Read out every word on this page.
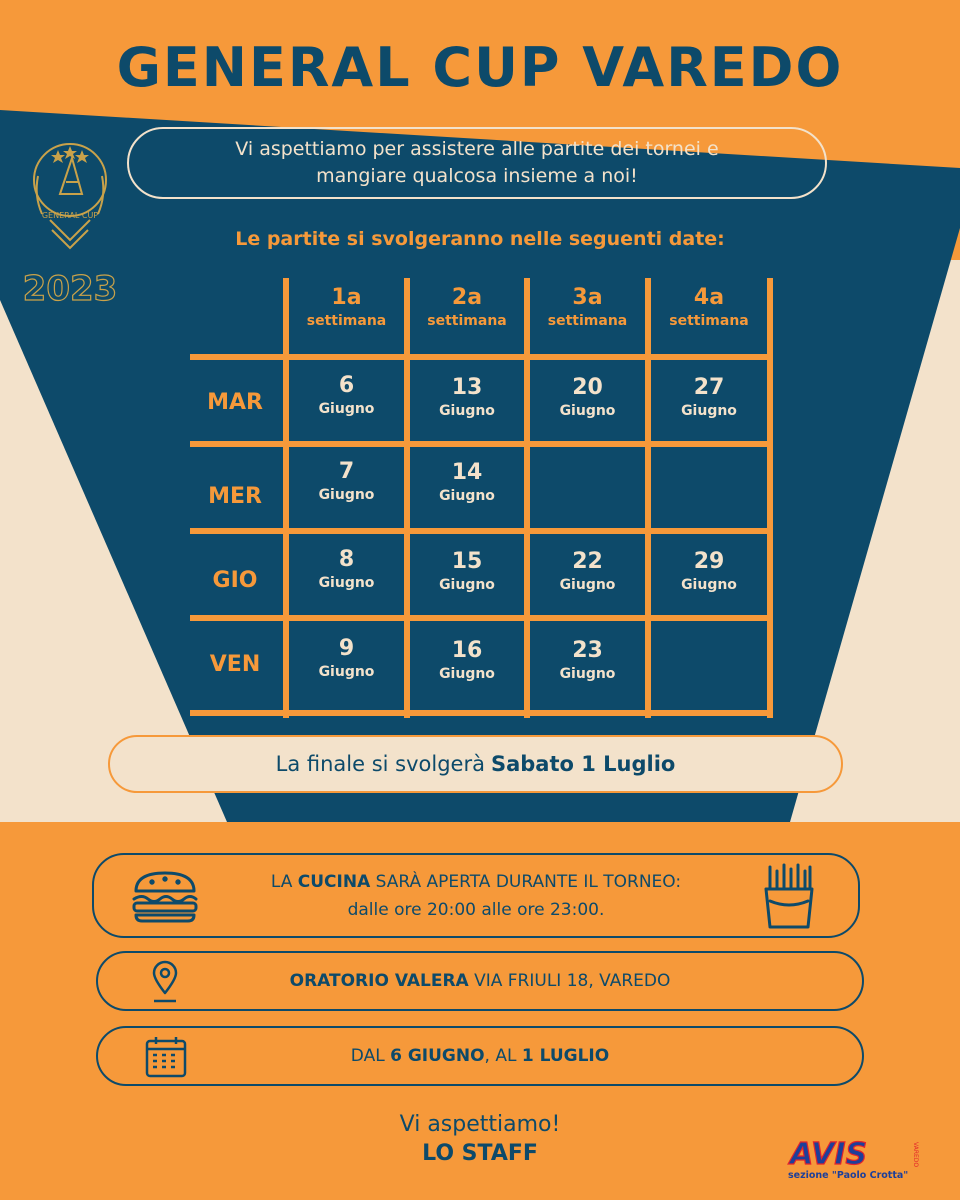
GENERAL CUP VAREDO
GENERAL CUP
2023
Vi aspettiamo per assistere alle partite dei tornei e
mangiare qualcosa insieme a noi!
Le partite si svolgeranno nelle seguenti date:
1a
settimana
2a
settimana
3a
settimana
4a
settimana
MAR
MER
GIO
VEN
6
Giugno
13
Giugno
20
Giugno
27
Giugno
7
Giugno
14
Giugno
8
Giugno
15
Giugno
22
Giugno
29
Giugno
9
Giugno
16
Giugno
23
Giugno
La finale si svolgerà Sabato 1 Luglio
LA CUCINA SARÀ APERTA DURANTE IL TORNEO:
dalle ore 20:00 alle ore 23:00.
ORATORIO VALERA VIA FRIULI 18, VAREDO
DAL 6 GIUGNO, AL 1 LUGLIO
Vi aspettiamo!
LO STAFF	AVIS	VAREDO
sezione "Paolo Crotta"
